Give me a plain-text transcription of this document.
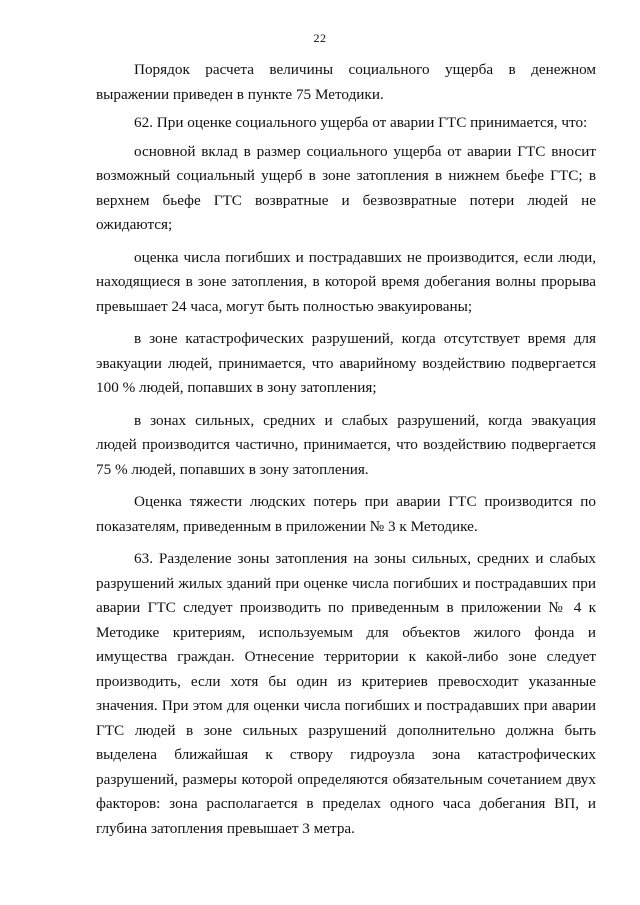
22

Порядок расчета величины социального ущерба в денежном выражении приведен в пункте 75 Методики.

62. При оценке социального ущерба от аварии ГТС принимается, что:

основной вклад в размер социального ущерба от аварии ГТС вносит возможный социальный ущерб в зоне затопления в нижнем бьефе ГТС; в верхнем бьефе ГТС возвратные и безвозвратные потери людей не ожидаются;

оценка числа погибших и пострадавших не производится, если люди, находящиеся в зоне затопления, в которой время добегания волны прорыва превышает 24 часа, могут быть полностью эвакуированы;

в зоне катастрофических разрушений, когда отсутствует время для эвакуации людей, принимается, что аварийному воздействию подвергается 100 % людей, попавших в зону затопления;

в зонах сильных, средних и слабых разрушений, когда эвакуация людей производится частично, принимается, что воздействию подвергается 75 % людей, попавших в зону затопления.

Оценка тяжести людских потерь при аварии ГТС производится по показателям, приведенным в приложении № 3 к Методике.

63. Разделение зоны затопления на зоны сильных, средних и слабых разрушений жилых зданий при оценке числа погибших и пострадавших при аварии ГТС следует производить по приведенным в приложении № 4 к Методике критериям, используемым для объектов жилого фонда и имущества граждан. Отнесение территории к какой-либо зоне следует производить, если хотя бы один из критериев превосходит указанные значения. При этом для оценки числа погибших и пострадавших при аварии ГТС людей в зоне сильных разрушений дополнительно должна быть выделена ближайшая к створу гидроузла зона катастрофических разрушений, размеры которой определяются обязательным сочетанием двух факторов: зона располагается в пределах одного часа добегания ВП, и глубина затопления превышает 3 метра.
